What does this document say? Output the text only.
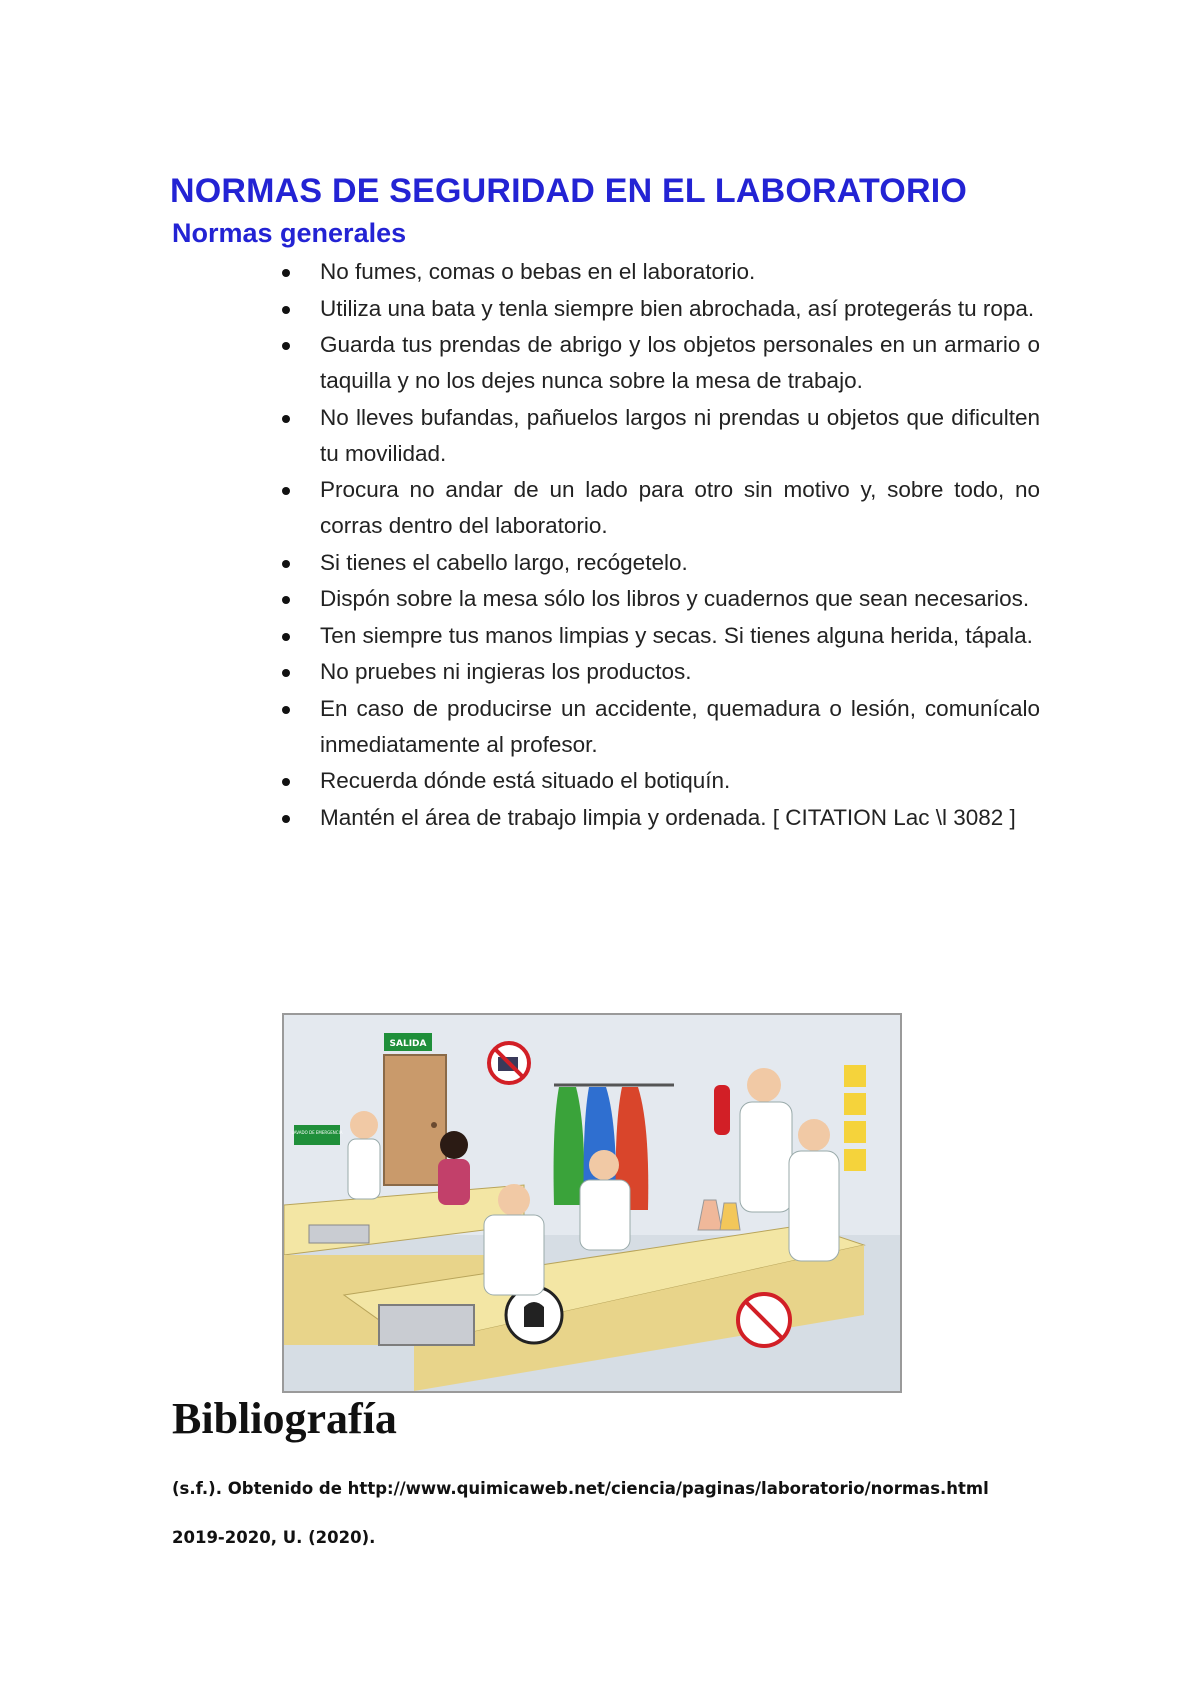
NORMAS DE SEGURIDAD EN EL LABORATORIO
Normas generales
No fumes, comas o bebas en el laboratorio.
Utiliza una bata y tenla siempre bien abrochada, así protegerás tu ropa.
Guarda tus prendas de abrigo y los objetos personales en un armario o taquilla y no los dejes nunca sobre la mesa de trabajo.
No lleves bufandas, pañuelos largos ni prendas u objetos que dificulten tu movilidad.
Procura no andar de un lado para otro sin motivo y, sobre todo, no corras dentro del laboratorio.
Si tienes el cabello largo, recógetelo.
Dispón sobre la mesa sólo los libros y cuadernos que sean necesarios.
Ten siempre tus manos limpias y secas. Si tienes alguna herida, tápala.
No pruebes ni ingieras los productos.
En caso de producirse un accidente, quemadura o lesión, comunícalo inmediatamente al profesor.
Recuerda dónde está situado el botiquín.
Mantén el área de trabajo limpia y ordenada. [ CITATION Lac \l 3082 ]
SALIDA
LAVADO DE EMERGENCIA
Bibliografía
(s.f.). Obtenido de http://www.quimicaweb.net/ciencia/paginas/laboratorio/normas.html
2019-2020, U. (2020).
